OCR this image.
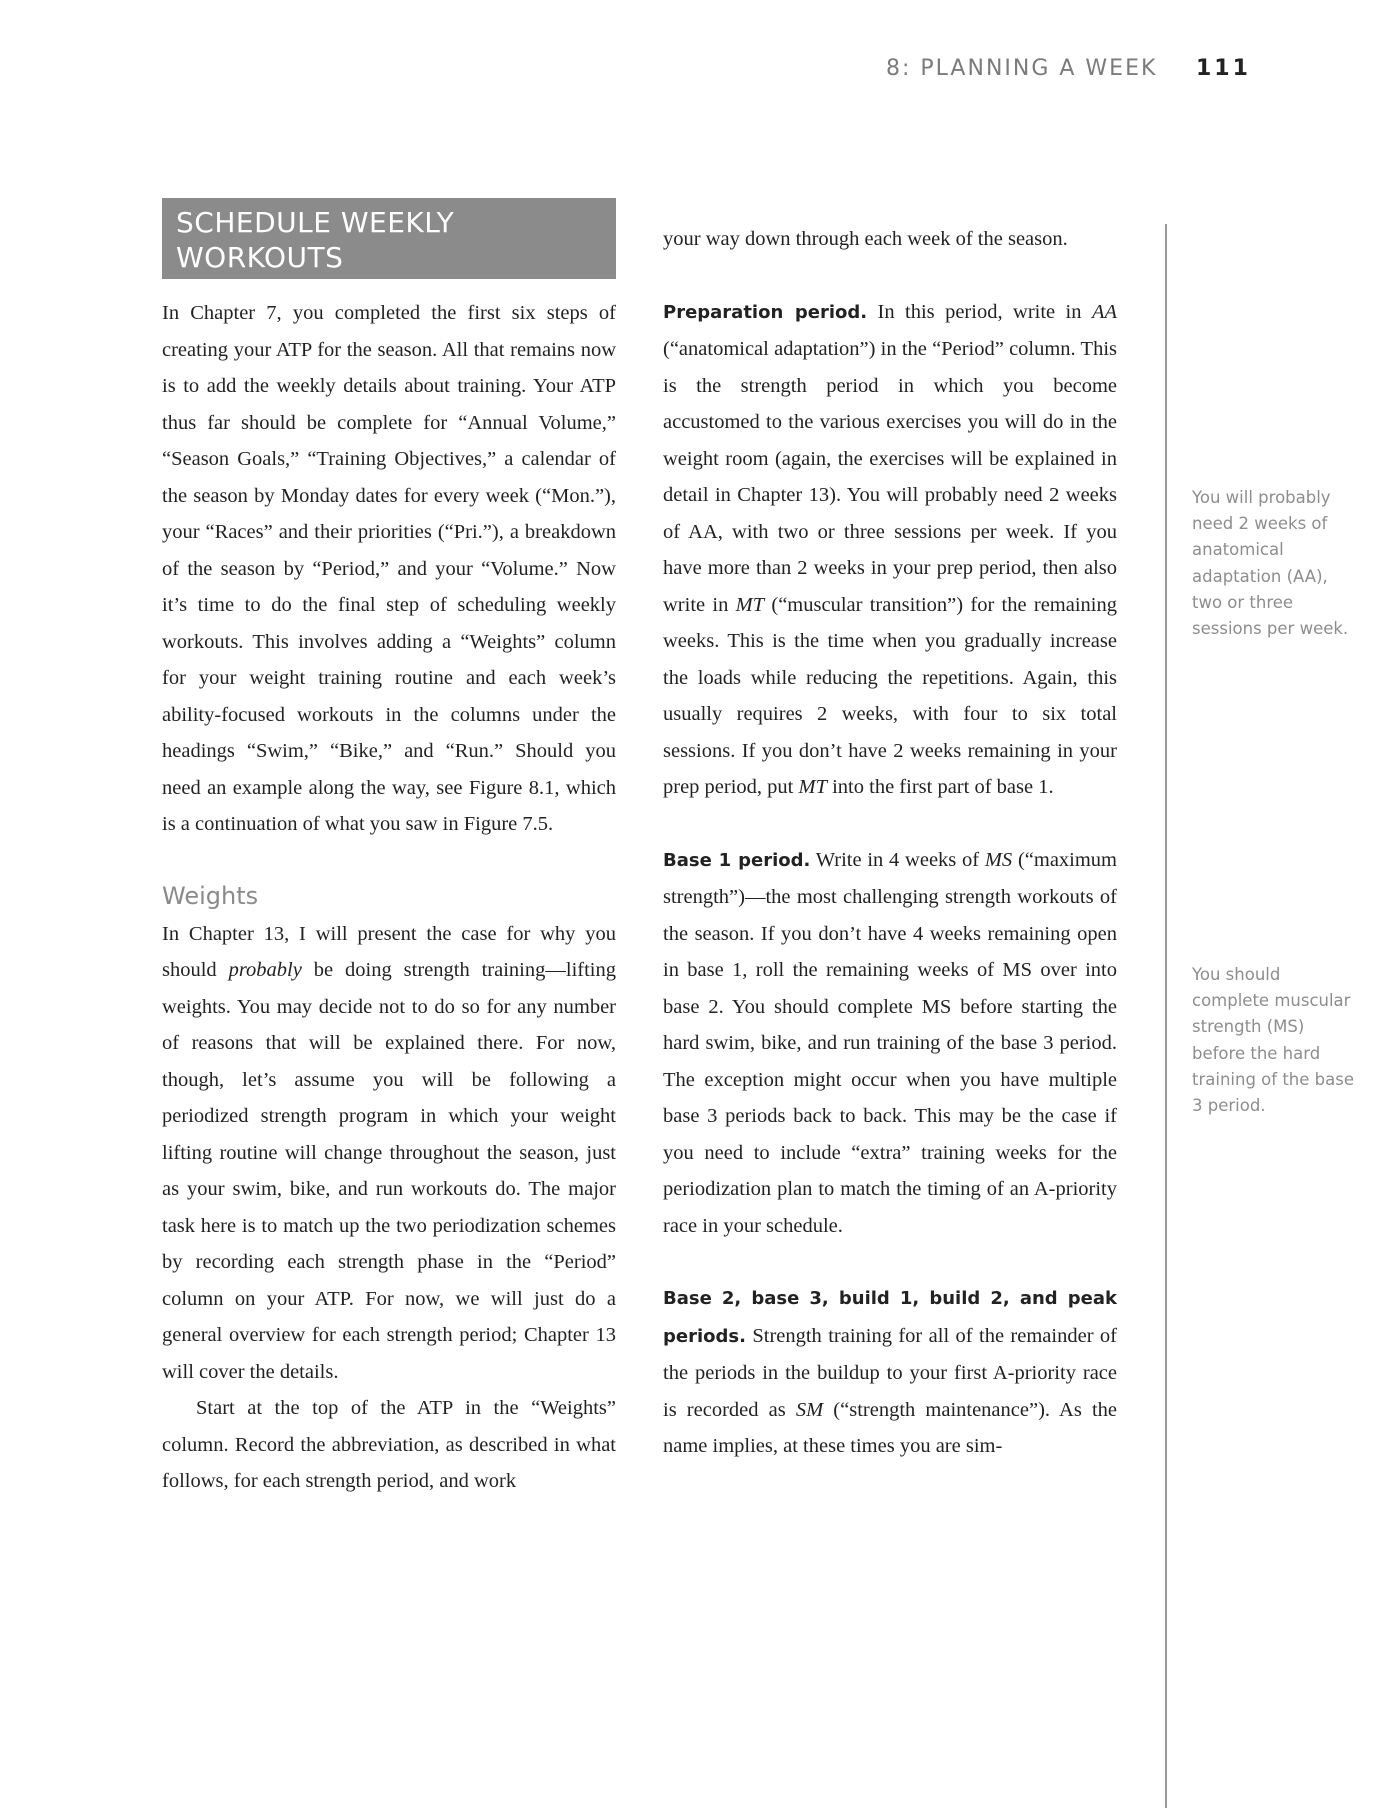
8: PLANNING A WEEK 111
SCHEDULE WEEKLY
WORKOUTS

In Chapter 7, you completed the first six steps of creating your ATP for the season. All that remains now is to add the weekly details about training. Your ATP thus far should be complete for “Annual Volume,” “Season Goals,” “Training Objectives,” a calendar of the season by Monday dates for every week (“Mon.”), your “Races” and their priorities (“Pri.”), a breakdown of the season by “Period,” and your “Volume.” Now it’s time to do the final step of scheduling weekly workouts. This involves adding a “Weights” column for your weight training routine and each week’s ability-focused workouts in the columns under the headings “Swim,” “Bike,” and “Run.” Should you need an example along the way, see Figure 8.1, which is a continuation of what you saw in Figure 7.5.

Weights

In Chapter 13, I will present the case for why you should probably be doing strength training—lifting weights. You may decide not to do so for any number of reasons that will be explained there. For now, though, let’s assume you will be following a periodized strength program in which your weight lifting routine will change throughout the season, just as your swim, bike, and run workouts do. The major task here is to match up the two periodization schemes by recording each strength phase in the “Period” column on your ATP. For now, we will just do a general overview for each strength period; Chapter 13 will cover the details.

Start at the top of the ATP in the “Weights” column. Record the abbreviation, as described in what follows, for each strength period, and work

your way down through each week of the season.

Preparation period. In this period, write in AA (“anatomical adaptation”) in the “Period” column. This is the strength period in which you become accustomed to the various exercises you will do in the weight room (again, the exercises will be explained in detail in Chapter 13). You will probably need 2 weeks of AA, with two or three sessions per week. If you have more than 2 weeks in your prep period, then also write in MT (“muscular transition”) for the remaining weeks. This is the time when you gradually increase the loads while reducing the repetitions. Again, this usually requires 2 weeks, with four to six total sessions. If you don’t have 2 weeks remaining in your prep period, put MT into the first part of base 1.

Base 1 period. Write in 4 weeks of MS (“maximum strength”)—the most challenging strength workouts of the season. If you don’t have 4 weeks remaining open in base 1, roll the remaining weeks of MS over into base 2. You should complete MS before starting the hard swim, bike, and run training of the base 3 period. The exception might occur when you have multiple base 3 periods back to back. This may be the case if you need to include “extra” training weeks for the periodization plan to match the timing of an A-priority race in your schedule.

Base 2, base 3, build 1, build 2, and peak periods. Strength training for all of the remainder of the periods in the buildup to your first A-priority race is recorded as SM (“strength maintenance”). As the name implies, at these times you are sim-

You will probably need 2 weeks of anatomical adaptation (AA), two or three sessions per week.
You should complete muscular strength (MS) before the hard training of the base 3 period.
